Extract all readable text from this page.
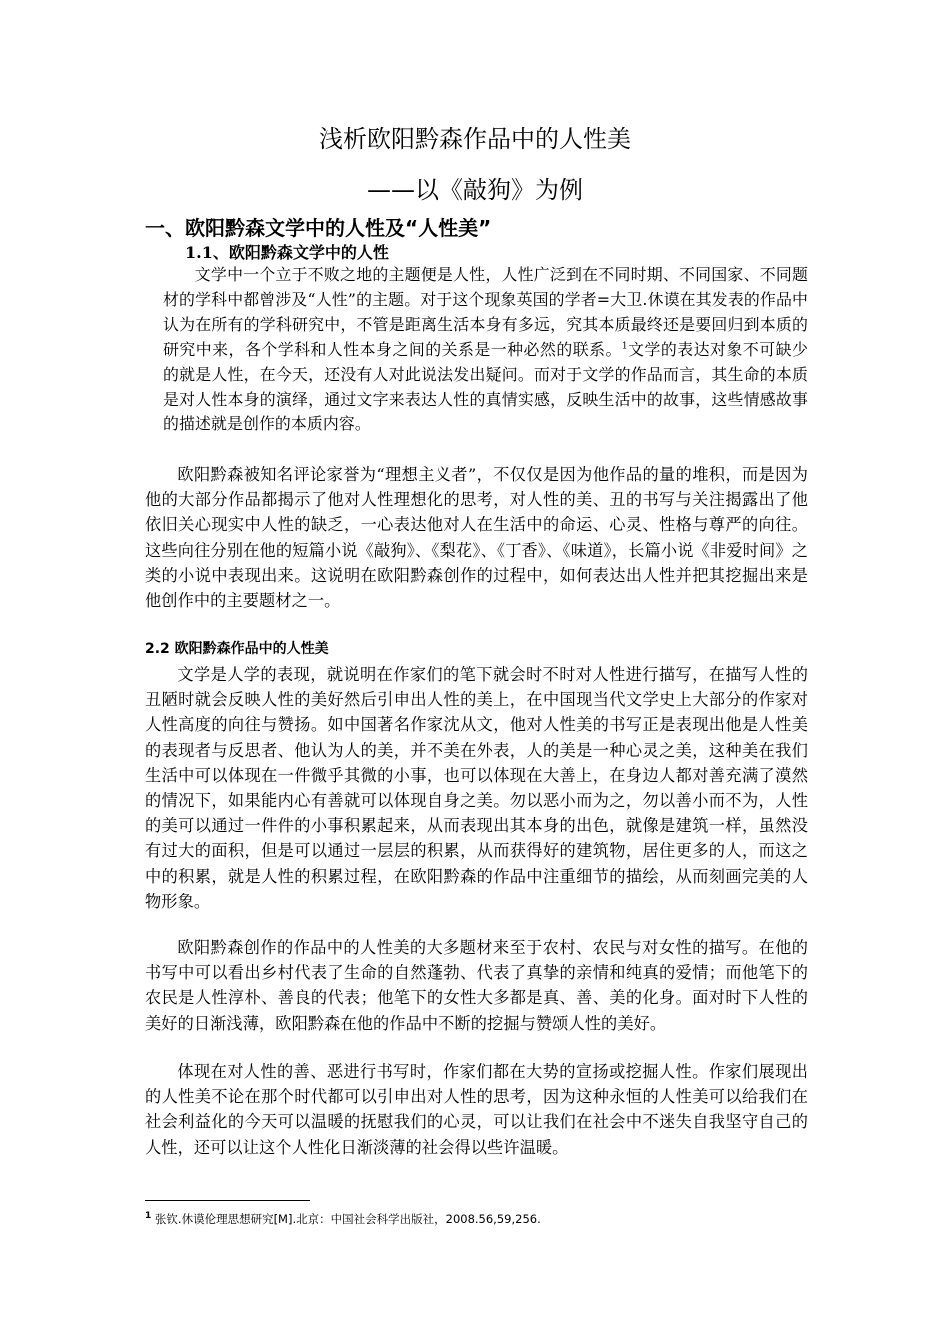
浅析欧阳黔森作品中的人性美
——以《敲狗》为例
一、欧阳黔森文学中的人性及“人性美”
1.1、欧阳黔森文学中的人性
文学中一个立于不败之地的主题便是人性，人性广泛到在不同时期、不同国家、不同题材的学科中都曾涉及“人性”的主题。对于这个现象英国的学者=大卫.休谟在其发表的作品中认为在所有的学科研究中，不管是距离生活本身有多远，究其本质最终还是要回归到本质的研究中来，各个学科和人性本身之间的关系是一种必然的联系。$^1$文学的表达对象不可缺少的就是人性，在今天，还没有人对此说法发出疑问。而对于文学的作品而言，其生命的本质是对人性本身的演绎，通过文字来表达人性的真情实感，反映生活中的故事，这些情感故事的描述就是创作的本质内容。
欧阳黔森被知名评论家誉为“理想主义者”，不仅仅是因为他作品的量的堆积，而是因为他的大部分作品都揭示了他对人性理想化的思考，对人性的美、丑的书写与关注揭露出了他依旧关心现实中人性的缺乏，一心表达他对人在生活中的命运、心灵、性格与尊严的向往。这些向往分别在他的短篇小说《敲狗》、《梨花》、《丁香》、《味道》，长篇小说《非爱时间》之类的小说中表现出来。这说明在欧阳黔森创作的过程中，如何表达出人性并把其挖掘出来是他创作中的主要题材之一。
2.2 欧阳黔森作品中的人性美
文学是人学的表现，就说明在作家们的笔下就会时不时对人性进行描写，在描写人性的丑陋时就会反映人性的美好然后引申出人性的美上，在中国现当代文学史上大部分的作家对人性高度的向往与赞扬。如中国著名作家沈从文，他对人性美的书写正是表现出他是人性美的表现者与反思者、他认为人的美，并不美在外表，人的美是一种心灵之美，这种美在我们生活中可以体现在一件微乎其微的小事，也可以体现在大善上，在身边人都对善充满了漠然的情况下，如果能内心有善就可以体现自身之美。勿以恶小而为之，勿以善小而不为，人性的美可以通过一件件的小事积累起来，从而表现出其本身的出色，就像是建筑一样，虽然没有过大的面积，但是可以通过一层层的积累，从而获得好的建筑物，居住更多的人，而这之中的积累，就是人性的积累过程，在欧阳黔森的作品中注重细节的描绘，从而刻画完美的人物形象。
欧阳黔森创作的作品中的人性美的大多题材来至于农村、农民与对女性的描写。在他的书写中可以看出乡村代表了生命的自然蓬勃、代表了真挚的亲情和纯真的爱情；而他笔下的农民是人性淳朴、善良的代表；他笔下的女性大多都是真、善、美的化身。面对时下人性的美好的日渐浅薄，欧阳黔森在他的作品中不断的挖掘与赞颂人性的美好。
体现在对人性的善、恶进行书写时，作家们都在大势的宣扬或挖掘人性。作家们展现出的人性美不论在那个时代都可以引申出对人性的思考，因为这种永恒的人性美可以给我们在社会利益化的今天可以温暖的抚慰我们的心灵，可以让我们在社会中不迷失自我坚守自己的人性，还可以让这个人性化日渐淡薄的社会得以些许温暖。
$^1$ 张钦.休谟伦理思想研究[M].北京：中国社会科学出版社，2008.56,59,256.
